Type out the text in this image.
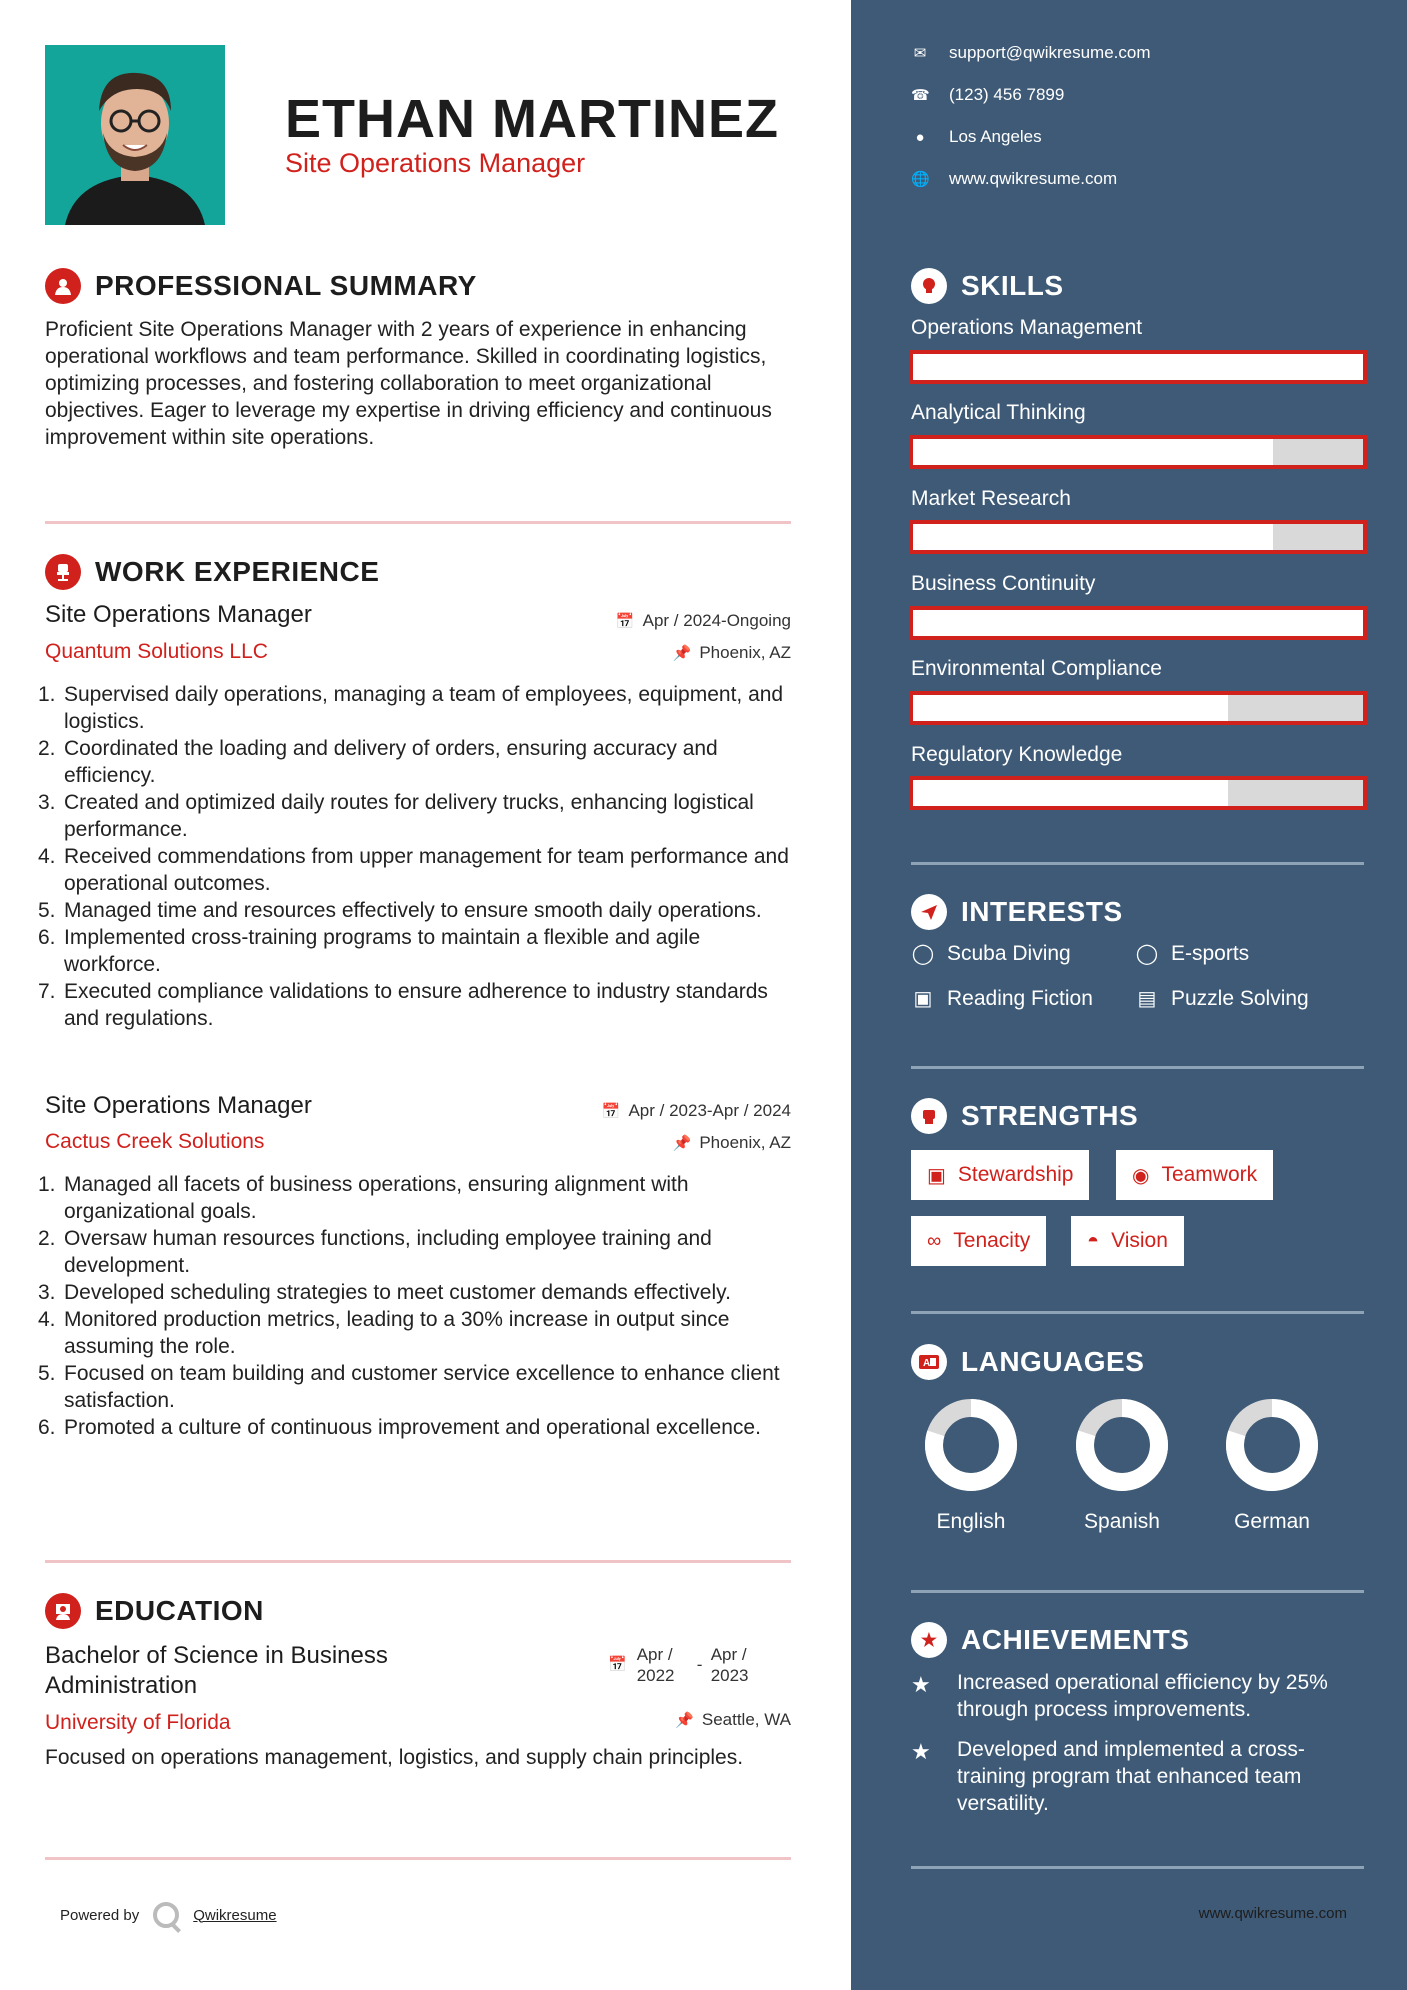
ETHAN MARTINEZ
Site Operations Manager
PROFESSIONAL SUMMARY
Proficient Site Operations Manager with 2 years of experience in enhancing operational workflows and team performance. Skilled in coordinating logistics, optimizing processes, and fostering collaboration to meet organizational objectives. Eager to leverage my expertise in driving efficiency and continuous improvement within site operations.
WORK EXPERIENCE
Site Operations Manager	📅 Apr / 2024-Ongoing
Quantum Solutions LLC	📌 Phoenix, AZ
1. Supervised daily operations, managing a team of employees, equipment, and logistics.
2. Coordinated the loading and delivery of orders, ensuring accuracy and efficiency.
3. Created and optimized daily routes for delivery trucks, enhancing logistical performance.
4. Received commendations from upper management for team performance and operational outcomes.
5. Managed time and resources effectively to ensure smooth daily operations.
6. Implemented cross-training programs to maintain a flexible and agile workforce.
7. Executed compliance validations to ensure adherence to industry standards and regulations.
Site Operations Manager	📅 Apr / 2023-Apr / 2024
Cactus Creek Solutions	📌 Phoenix, AZ
1. Managed all facets of business operations, ensuring alignment with organizational goals.
2. Oversaw human resources functions, including employee training and development.
3. Developed scheduling strategies to meet customer demands effectively.
4. Monitored production metrics, leading to a 30% increase in output since assuming the role.
5. Focused on team building and customer service excellence to enhance client satisfaction.
6. Promoted a culture of continuous improvement and operational excellence.
EDUCATION
Bachelor of Science in Business Administration
📅
Apr / 2022
-
Apr / 2023
University of Florida	📌 Seattle, WA
Focused on operations management, logistics, and supply chain principles.
Powered by	Qwikresume
✉ support@qwikresume.com
☎ (123) 456 7899
● Los Angeles
🌐 www.qwikresume.com
SKILLS
Operations Management
Analytical Thinking
Market Research
Business Continuity
Environmental Compliance
Regulatory Knowledge
INTERESTS
◯ Scuba Diving	◯ E-sports
▣ Reading Fiction ▤ Puzzle Solving
STRENGTHS
▣ Stewardship	◉ Teamwork
∞ Tenacity	◓ Vision
A LANGUAGES
English	Spanish	German
★ ACHIEVEMENTS
★	Increased operational efficiency by 25% through process improvements.
★	Developed and implemented a cross-training program that enhanced team versatility.
www.qwikresume.com
